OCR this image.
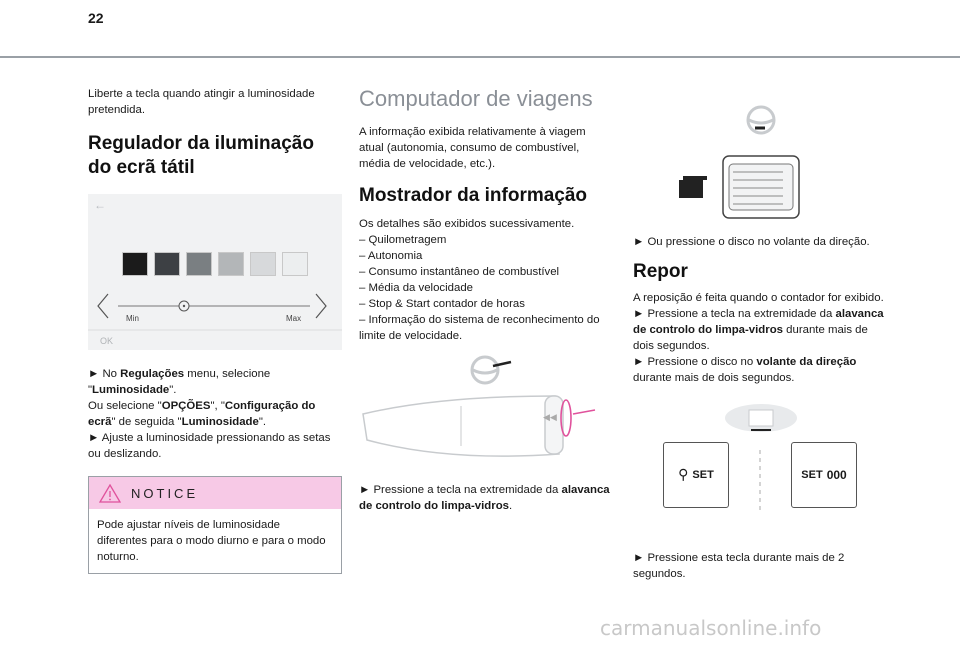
22

Liberte a tecla quando atingir a luminosidade pretendida.

Regulador da iluminação do ecrã tátil
←
Min	Max
OK

► No Regulações menu, selecione "Luminosidade".
Ou selecione "OPÇÕES", "Configuração do ecrã" de seguida "Luminosidade".

► Ajuste a luminosidade pressionando as setas ou deslizando.

NOTICE

Pode ajustar níveis de luminosidade diferentes para o modo diurno e para o modo noturno.

Computador de viagens

A informação exibida relativamente à viagem atual (autonomia, consumo de combustível, média de velocidade, etc.).

Mostrador da informação

Os detalhes são exibidos sucessivamente.

– Quilometragem

– Autonomia

– Consumo instantâneo de combustível

– Média da velocidade

– Stop & Start contador de horas

– Informação do sistema de reconhecimento do limite de velocidade.

◀◀

► Pressione a tecla na extremidade da alavanca de controlo do limpa-vidros.

► Ou pressione o disco no volante da direção.

Repor

A reposição é feita quando o contador for exibido.

► Pressione a tecla na extremidade da alavanca de controlo do limpa-vidros durante mais de dois segundos.

► Pressione o disco no volante da direção durante mais de dois segundos.

⚲ SET	SET 000

► Pressione esta tecla durante mais de 2 segundos.

carmanualsonline.info
